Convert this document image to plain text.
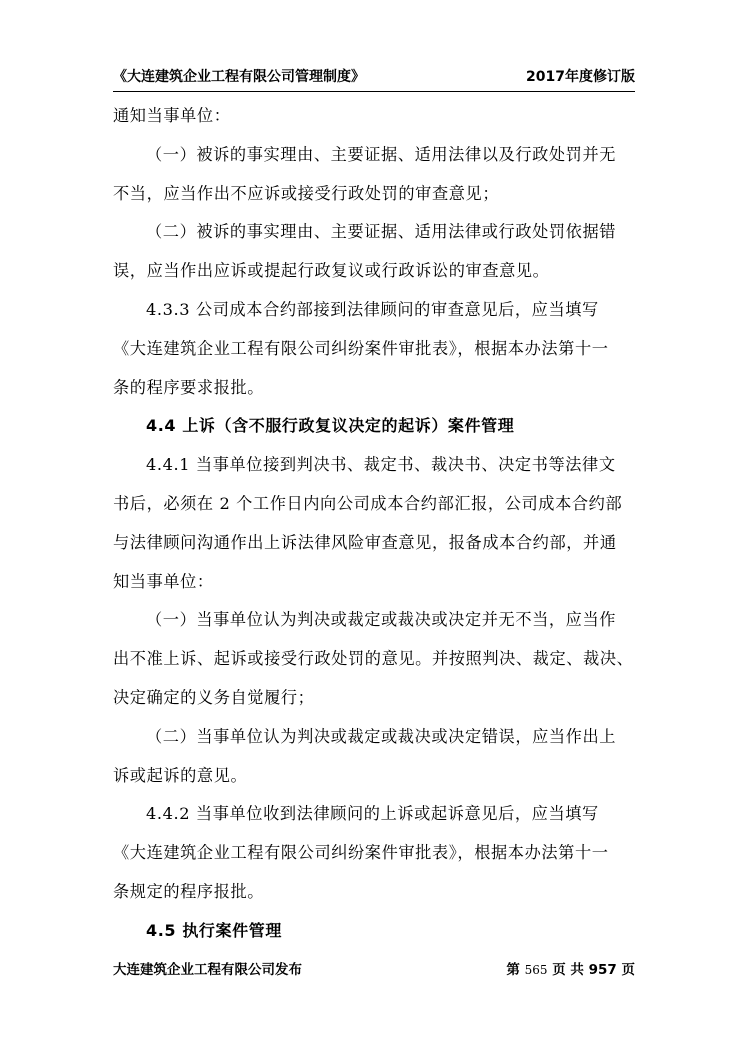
《大连建筑企业工程有限公司管理制度》	2017年度修订版
通知当事单位：
（一）被诉的事实理由、主要证据、适用法律以及行政处罚并无
不当，应当作出不应诉或接受行政处罚的审查意见；
（二）被诉的事实理由、主要证据、适用法律或行政处罚依据错
误，应当作出应诉或提起行政复议或行政诉讼的审查意见。
4.3.3 公司成本合约部接到法律顾问的审查意见后，应当填写
《大连建筑企业工程有限公司纠纷案件审批表》，根据本办法第十一
条的程序要求报批。
4.4 上诉（含不服行政复议决定的起诉）案件管理
4.4.1 当事单位接到判决书、裁定书、裁决书、决定书等法律文
书后，必须在 2 个工作日内向公司成本合约部汇报，公司成本合约部
与法律顾问沟通作出上诉法律风险审查意见，报备成本合约部，并通
知当事单位：
（一）当事单位认为判决或裁定或裁决或决定并无不当，应当作
出不准上诉、起诉或接受行政处罚的意见。并按照判决、裁定、裁决、
决定确定的义务自觉履行；
（二）当事单位认为判决或裁定或裁决或决定错误，应当作出上
诉或起诉的意见。
4.4.2 当事单位收到法律顾问的上诉或起诉意见后，应当填写
《大连建筑企业工程有限公司纠纷案件审批表》，根据本办法第十一
条规定的程序报批。
4.5 执行案件管理
大连建筑企业工程有限公司发布	第 565 页 共 957 页
